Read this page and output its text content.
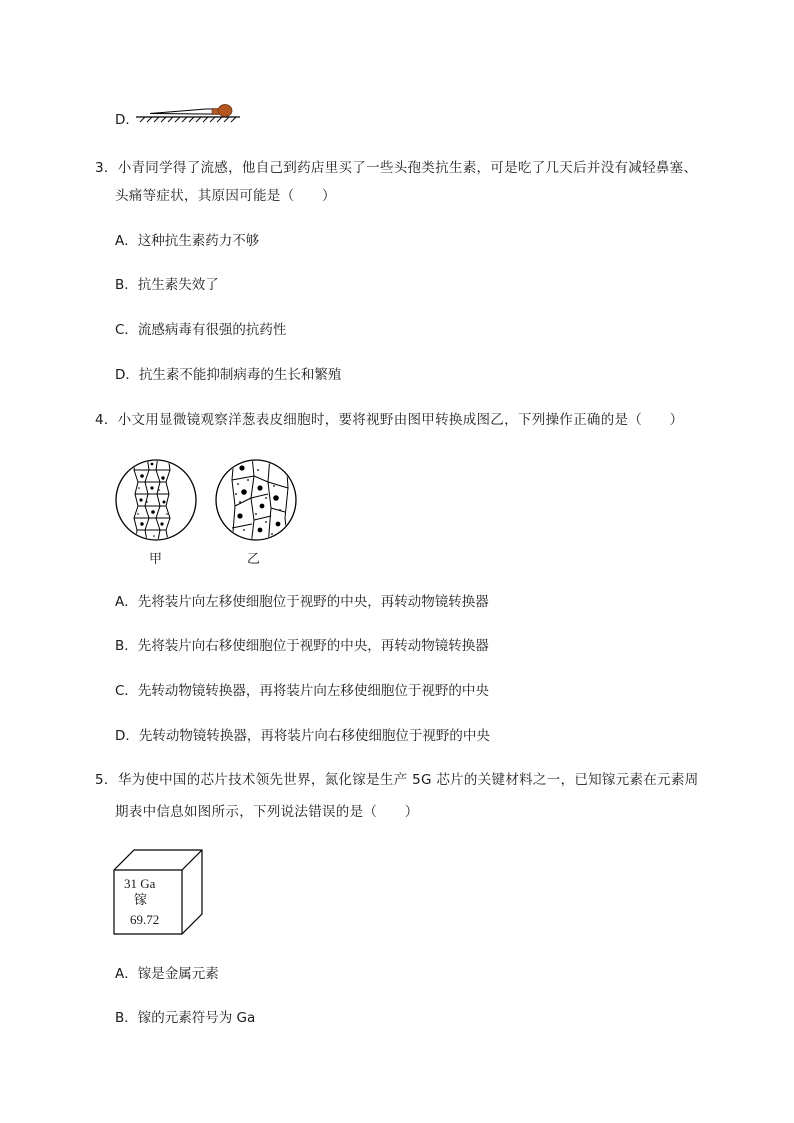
D．
3．小青同学得了流感，他自己到药店里买了一些头孢类抗生素，可是吃了几天后并没有减轻鼻塞、
头痛等症状，其原因可能是（　　）
A．这种抗生素药力不够
B．抗生素失效了
C．流感病毒有很强的抗药性
D．抗生素不能抑制病毒的生长和繁殖
4．小文用显微镜观察洋葱表皮细胞时，要将视野由图甲转换成图乙，下列操作正确的是（　　）
甲	乙
A．先将装片向左移使细胞位于视野的中央，再转动物镜转换器
B．先将装片向右移使细胞位于视野的中央，再转动物镜转换器
C．先转动物镜转换器，再将装片向左移使细胞位于视野的中央
D．先转动物镜转换器，再将装片向右移使细胞位于视野的中央
5．华为使中国的芯片技术领先世界，氮化镓是生产 5G 芯片的关键材料之一，已知镓元素在元素周
期表中信息如图所示，下列说法错误的是（　　）
31 Ga
镓
69.72
A．镓是金属元素
B．镓的元素符号为 Ga
